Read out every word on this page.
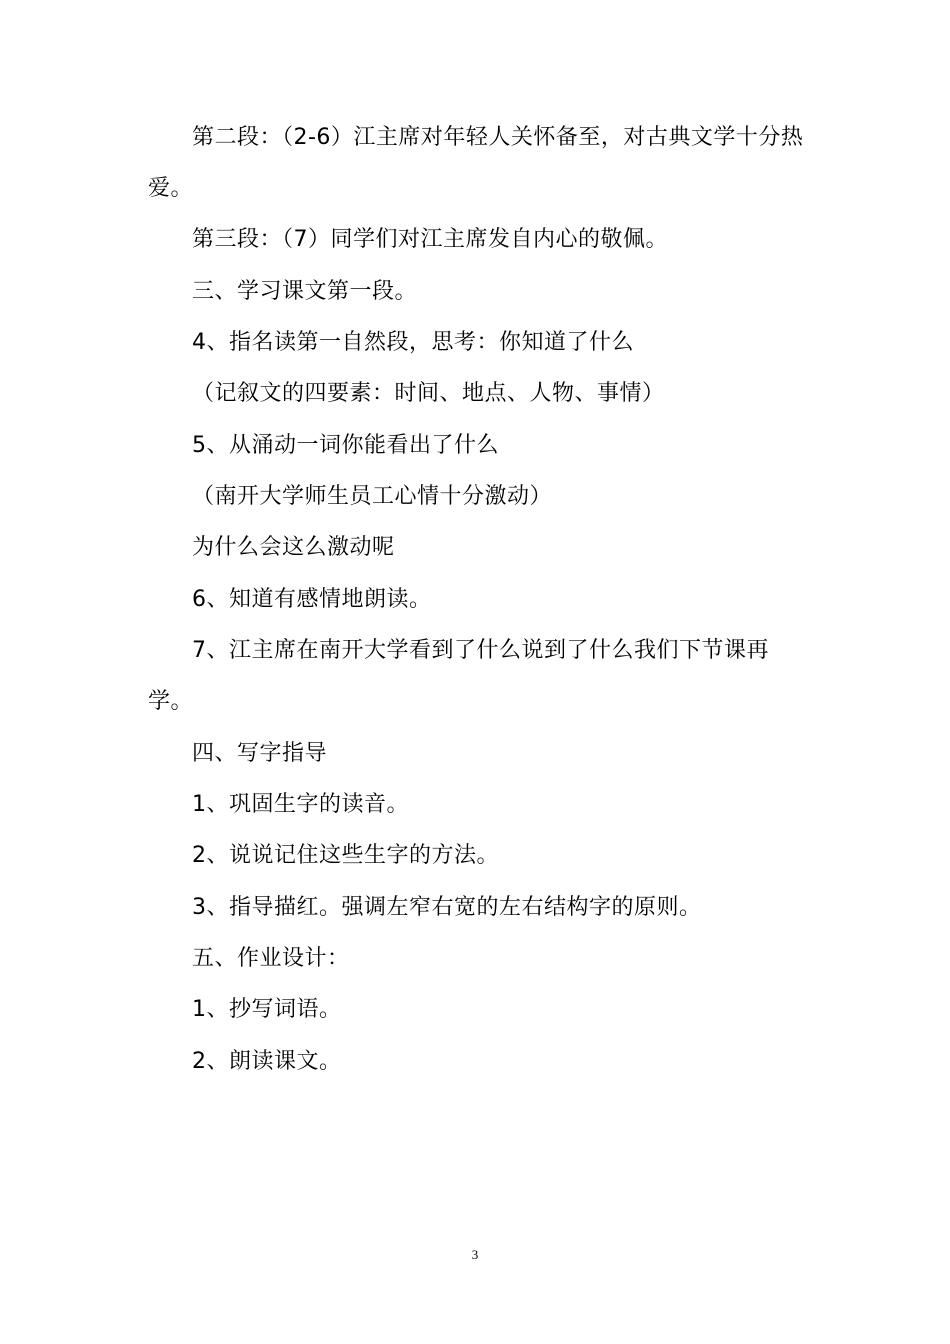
第二段：（2-6）江主席对年轻人关怀备至，对古典文学十分热
爱。
第三段：（7）同学们对江主席发自内心的敬佩。
三、学习课文第一段。
4、指名读第一自然段，思考：你知道了什么
（记叙文的四要素：时间、地点、人物、事情）
5、从涌动一词你能看出了什么
（南开大学师生员工心情十分激动）
为什么会这么激动呢
6、知道有感情地朗读。
7、江主席在南开大学看到了什么说到了什么我们下节课再
学。
四、写字指导
1、巩固生字的读音。
2、说说记住这些生字的方法。
3、指导描红。强调左窄右宽的左右结构字的原则。
五、作业设计：
1、抄写词语。
2、朗读课文。
3
